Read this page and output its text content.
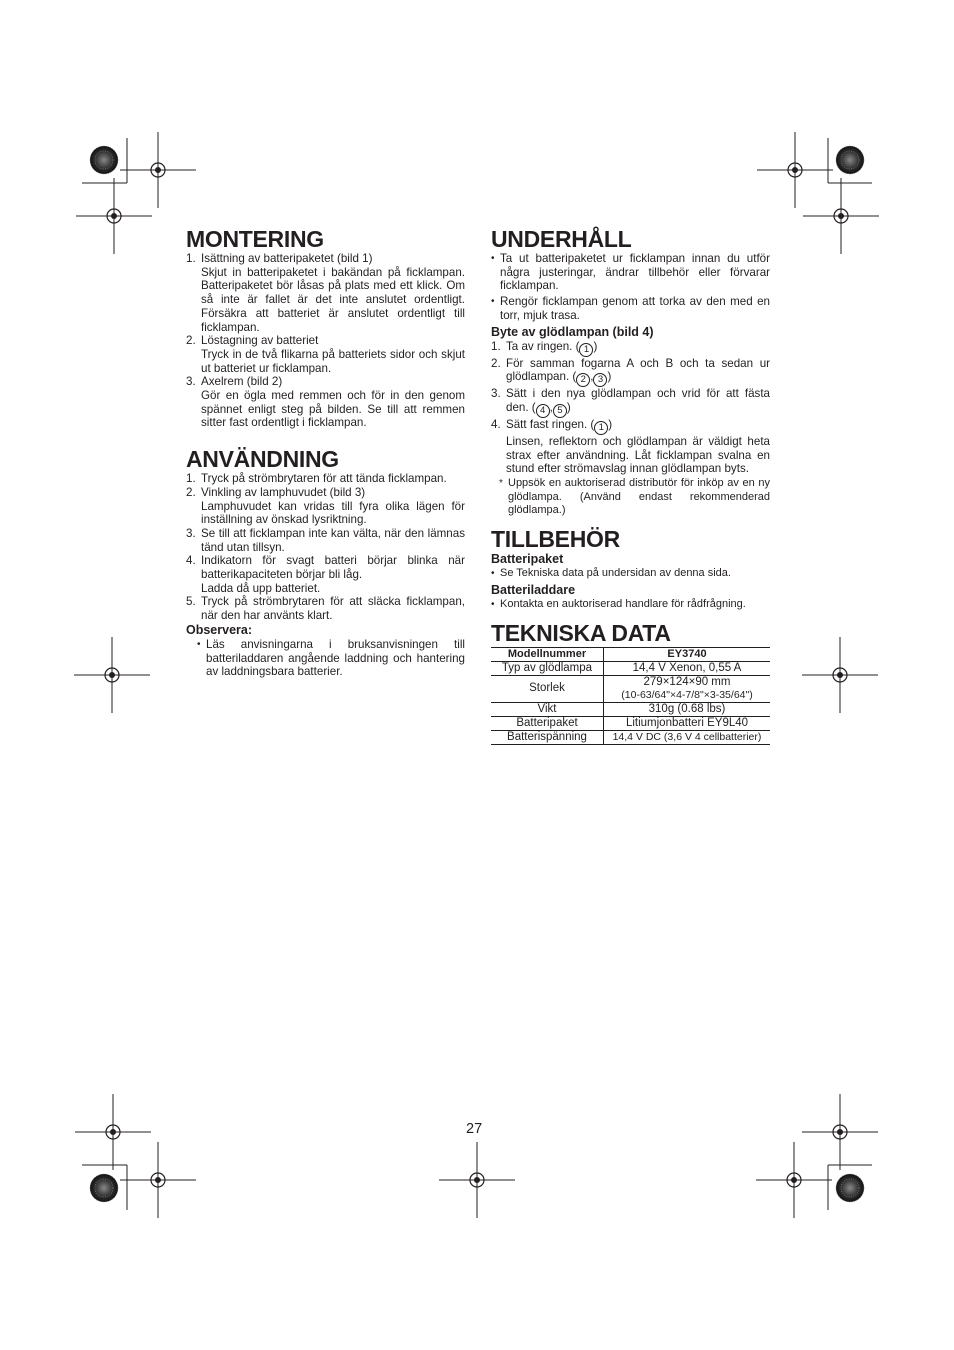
MONTERING
1. Isättning av batteripaketet (bild 1)
Skjut in batteripaketet i bakändan på ficklampan. Batteripaketet bör låsas på plats med ett klick. Om så inte är fallet är det inte anslutet ordentligt. Försäkra att batteriet är anslutet ordentligt till ficklampan.
2. Löstagning av batteriet
Tryck in de två flikarna på batteriets sidor och skjut ut batteriet ur ficklampan.
3. Axelrem (bild 2)
Gör en ögla med remmen och för in den genom spännet enligt steg på bilden. Se till att remmen sitter fast ordentligt i ficklampan.
ANVÄNDNING
1. Tryck på strömbrytaren för att tända ficklampan.
2. Vinkling av lamphuvudet (bild 3)
Lamphuvudet kan vridas till fyra olika lägen för inställning av önskad lysriktning.
3. Se till att ficklampan inte kan välta, när den lämnas tänd utan tillsyn.
4. Indikatorn för svagt batteri börjar blinka när batterikapaciteten börjar bli låg.
Ladda då upp batteriet.
5. Tryck på strömbrytaren för att släcka ficklampan, när den har använts klart.
Observera:
• Läs anvisningarna i bruksanvisningen till batteriladdaren angående laddning och hantering av laddningsbara batterier.
UNDERHÅLL
• Ta ut batteripaketet ur ficklampan innan du utför några justeringar, ändrar tillbehör eller förvarar ficklampan.
• Rengör ficklampan genom att torka av den med en torr, mjuk trasa.
Byte av glödlampan (bild 4)
1. Ta av ringen. ( 1 )
2. För samman fogarna A och B och ta sedan ur glödlampan. ( 2 , 3 )
3. Sätt i den nya glödlampan och vrid för att fästa den. ( 4 , 5 )
4. Sätt fast ringen. ( 1 )
Linsen, reflektorn och glödlampan är väldigt heta strax efter användning. Låt ficklampan svalna en stund efter strömavslag innan glödlampan byts.
* Uppsök en auktoriserad distributör för inköp av en ny glödlampa. (Använd endast rekommenderad glödlampa.)
TILLBEHÖR
Batteripaket
• Se Tekniska data på undersidan av denna sida.
Batteriladdare
• Kontakta en auktoriserad handlare för rådfrågning.
TEKNISKA DATA
Modellnummer	EY3740
Typ av glödlampa	14,4 V Xenon, 0,55 A
Storlek	279×124×90 mm
(10-63/64"×4-7/8"×3-35/64")
Vikt	310g (0.68 lbs)
Batteripaket	Litiumjonbatteri EY9L40
Batterispänning	14,4 V DC (3,6 V 4 cellbatterier)
27
